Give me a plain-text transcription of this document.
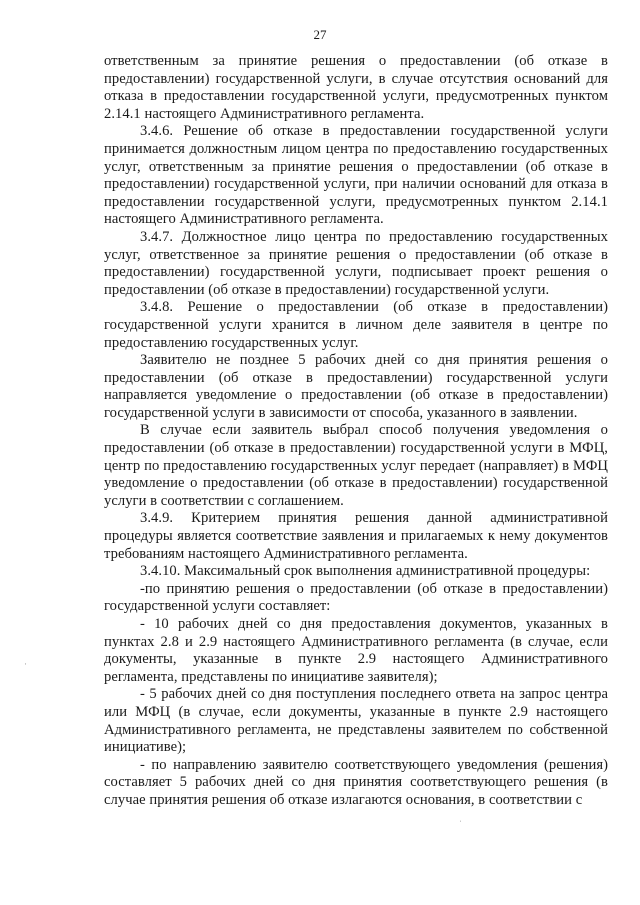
27

ответственным за принятие решения о предоставлении (об отказе в предоставлении) государственной услуги, в случае отсутствия оснований для отказа в предоставлении государственной услуги, предусмотренных пунктом 2.14.1 настоящего Административного регламента.

3.4.6. Решение об отказе в предоставлении государственной услуги принимается должностным лицом центра по предоставлению государственных услуг, ответственным за принятие решения о предоставлении (об отказе в предоставлении) государственной услуги, при наличии оснований для отказа в предоставлении государственной услуги, предусмотренных пунктом 2.14.1 настоящего Административного регламента.

3.4.7. Должностное лицо центра по предоставлению государственных услуг, ответственное за принятие решения о предоставлении (об отказе в предоставлении) государственной услуги, подписывает проект решения о предоставлении (об отказе в предоставлении) государственной услуги.

3.4.8. Решение о предоставлении (об отказе в предоставлении) государственной услуги хранится в личном деле заявителя в центре по предоставлению государственных услуг.

Заявителю не позднее 5 рабочих дней со дня принятия решения о предоставлении (об отказе в предоставлении) государственной услуги направляется уведомление о предоставлении (об отказе в предоставлении) государственной услуги в зависимости от способа, указанного в заявлении.

В случае если заявитель выбрал способ получения уведомления о предоставлении (об отказе в предоставлении) государственной услуги в МФЦ, центр по предоставлению государственных услуг передает (направляет) в МФЦ уведомление о предоставлении (об отказе в предоставлении) государственной услуги в соответствии с соглашением.

3.4.9. Критерием принятия решения данной административной процедуры является соответствие заявления и прилагаемых к нему документов требованиям настоящего Административного регламента.

3.4.10. Максимальный срок выполнения административной процедуры:

-по принятию решения о предоставлении (об отказе в предоставлении) государственной услуги составляет:

- 10 рабочих дней со дня предоставления документов, указанных в пунктах 2.8 и 2.9 настоящего Административного регламента (в случае, если документы, указанные в пункте 2.9 настоящего Административного регламента, представлены по инициативе заявителя);

- 5 рабочих дней со дня поступления последнего ответа на запрос центра или МФЦ (в случае, если документы, указанные в пункте 2.9 настоящего Административного регламента, не представлены заявителем по собственной инициативе);

- по направлению заявителю соответствующего уведомления (решения) составляет 5 рабочих дней со дня принятия соответствующего решения (в случае принятия решения об отказе излагаются основания, в соответствии с

·
ˌ
